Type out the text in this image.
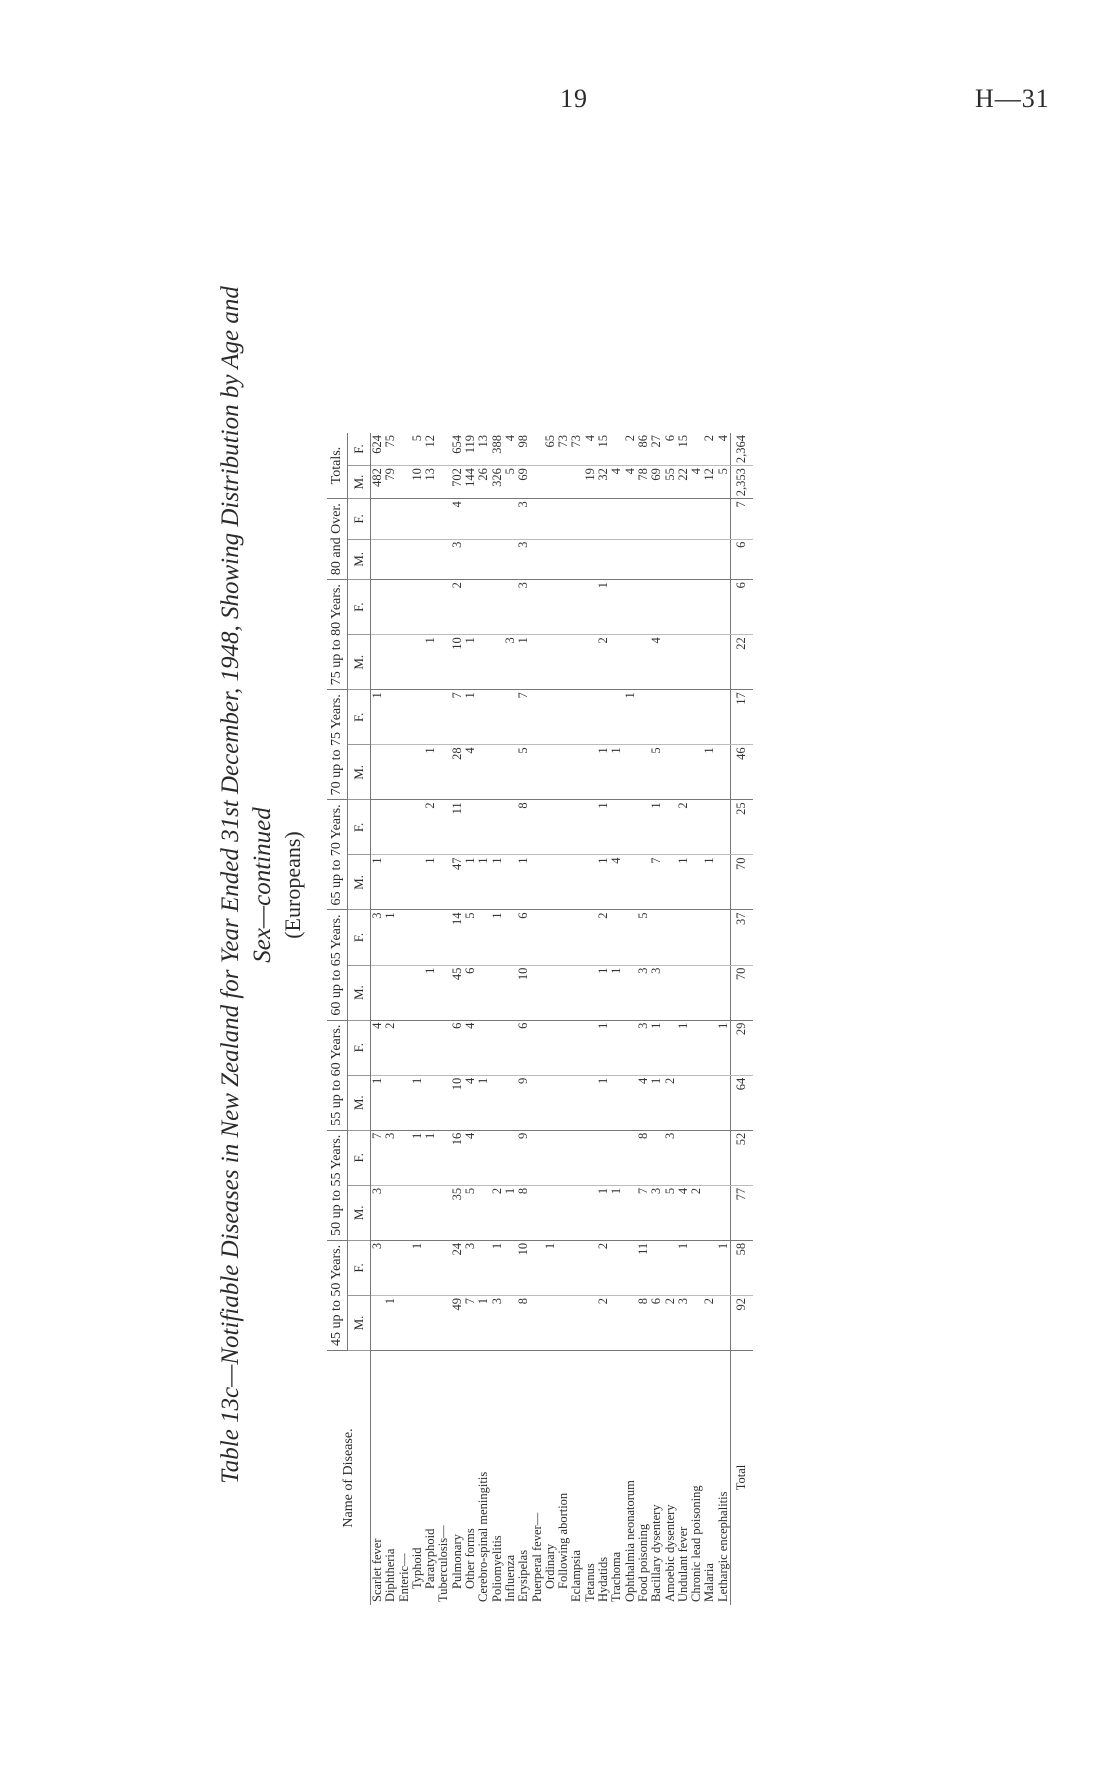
19	H—31
Table 13c—Notifiable Diseases in New Zealand for Year Ended 31st December, 1948, Showing Distribution by Age and Sex—continued (Europeans)
Name of Disease.	45 up to 50 Years.		50 up to 55 Years.		55 up to 60 Years.		60 up to 65 Years.		65 up to 70 Years.		70 up to 75 Years.		75 up to 80 Years.		80 and Over.		Totals.	
	M.	F.	M.	F.	M.	F.	M.	F.	M.	F.	M.	F.	M.	F.	M.	F.	M.	F.
Scarlet fever		3	3	7	1	4		3	1			1					482	624
Diphtheria	1			3		2		1									79	75
Enteric—																		
Typhoid		1		1	1												10	5
Paratyphoid				1			1		1	2	1		1				13	12
Tuberculosis—																		
Pulmonary	49	24	35	16	10	6	45	14	47	11	28	7	10	2	3	4	702	654
Other forms	7	3	5	4	4	4	6	5	1		4	1	1				144	119
Cerebro-spinal meningitis	1				1				1								26	13
Poliomyelitis	3	1	2					1	1								326	388
Influenza			1										3				5	4
Erysipelas	8	10	8	9	9	6	10	6	1	8	5	7	1	3	3	3	69	98
Puerperal fever—																		
Ordinary		1																65
Following abortion																		73
Eclampsia																		73
Tetanus																	19	4
Hydatids	2	2	1		1	1	1	2	1	1	1		2	1			32	15
Trachoma			1				1		4		1						4	
Ophthalmia neonatorum												1					4	2
Food poisoning	8	11	7	8	4	3	3	5									78	86
Bacillary dysentery	6		3		1	1	3		7	1	5		4				69	27
Amoebic dysentery	2		5	3	2												55	6
Undulant fever	3	1	4			1			1	2							22	15
Chronic lead poisoning			2														4	
Malaria	2								1		1						12	2
Lethargic encephalitis		1				1											5	4
Total	92	58	77	52	64	29	70	37	70	25	46	17	22	6	6	7	2,353	2,364
